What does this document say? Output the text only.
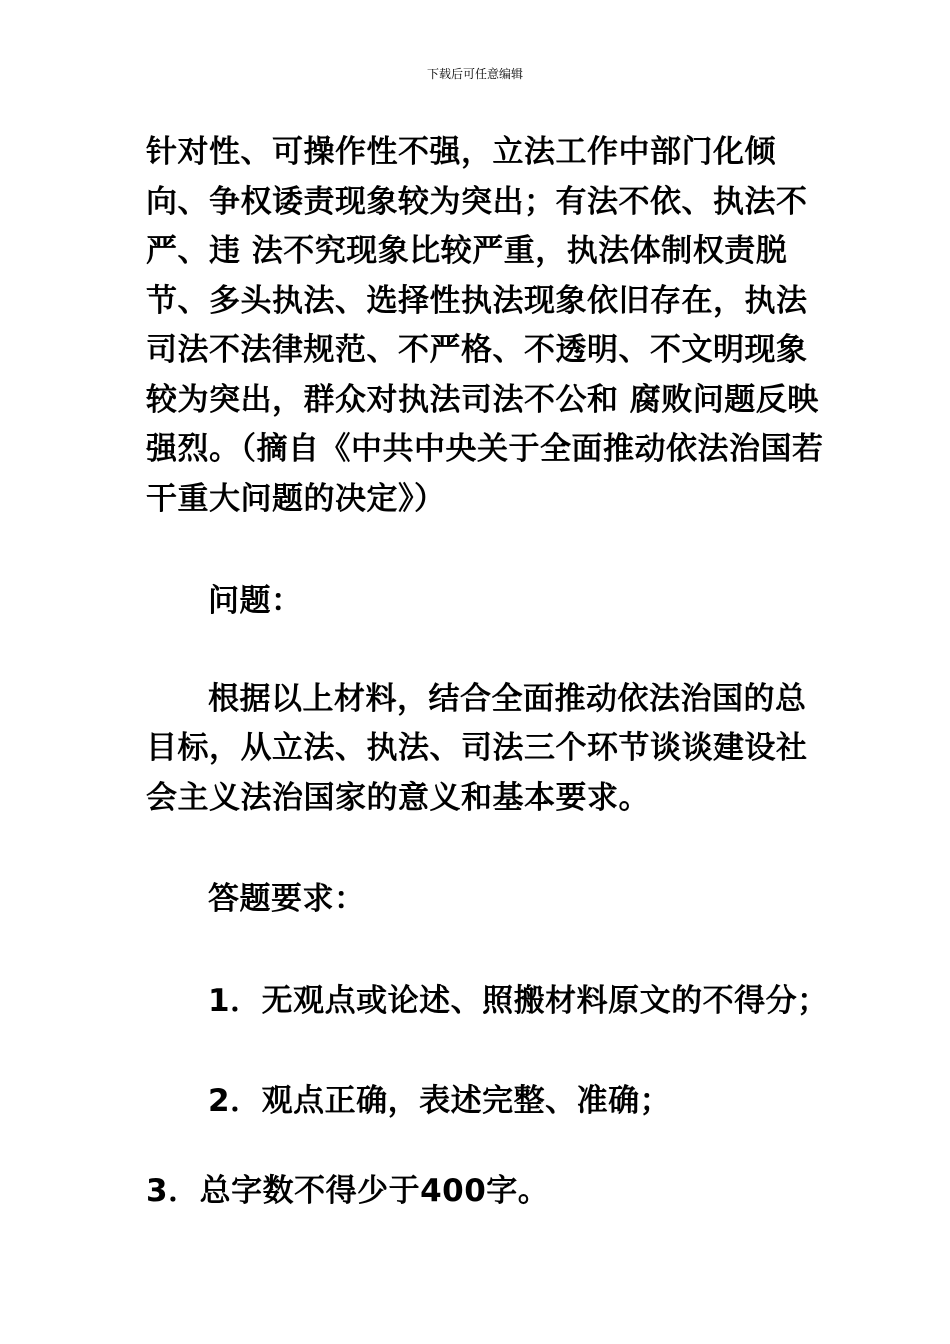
下载后可任意编辑

针对性、可操作性不强，立法工作中部门化倾向、争权诿责现象较为突出；有法不依、执法不严、违 法不究现象比较严重，执法体制权责脱节、多头执法、选择性执法现象依旧存在，执法司法不法律规范、不严格、不透明、不文明现象较为突出，群众对执法司法不公和 腐败问题反映强烈。（摘自《中共中央关于全面推动依法治国若干重大问题的决定》）

问题：

根据以上材料，结合全面推动依法治国的总目标，从立法、执法、司法三个环节谈谈建设社会主义法治国家的意义和基本要求。

答题要求：

1．无观点或论述、照搬材料原文的不得分；

2．观点正确，表述完整、准确；

3．总字数不得少于400字。
